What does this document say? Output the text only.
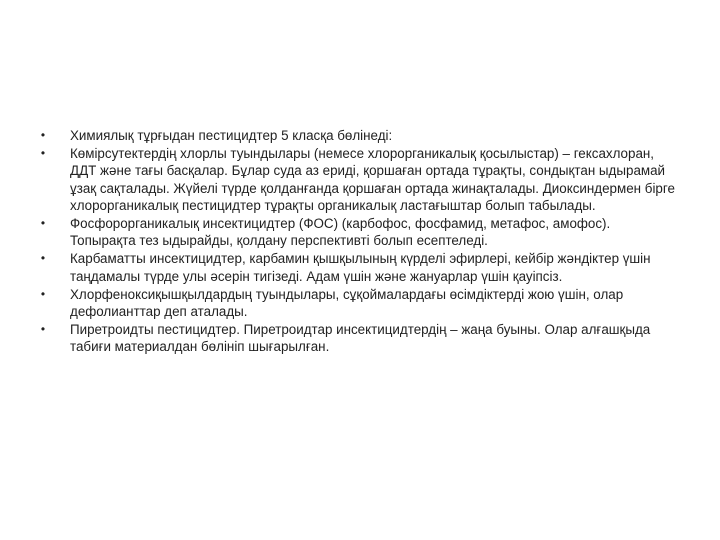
• Химиялық тұрғыдан пестицидтер 5 класқа бөлінеді:
• Көмірсутектердің хлорлы туындылары (немесе хлорорганикалық қосылыстар) – гексахлоран, ДДТ және тағы басқалар. Бұлар суда аз ериді, қоршаған ортада тұрақты, сондықтан ыдырамай ұзақ сақталады. Жүйелі түрде қолданғанда қоршаған ортада жинақталады. Диоксиндермен бірге хлорорганикалық пестицидтер тұрақты органикалық ластағыштар болып табылады.
• Фосфорорганикалық инсектицидтер (ФОС) (карбофос, фосфамид, метафос, амофос). Топырақта тез ыдырайды, қолдану перспективті болып есептеледі.
• Карбаматты инсектицидтер, карбамин қышқылының күрделі эфирлері, кейбір жәндіктер үшін таңдамалы түрде улы әсерін тигізеді. Адам үшін және жануарлар үшін қауіпсіз.
• Хлорфеноксиқышқылдардың туындылары, сұқоймалардағы өсімдіктерді жою үшін, олар дефолианттар деп аталады.
• Пиретроидты пестицидтер. Пиретроидтар инсектицидтердің – жаңа буыны. Олар алғашқыда табиғи материалдан бөлініп шығарылған.
